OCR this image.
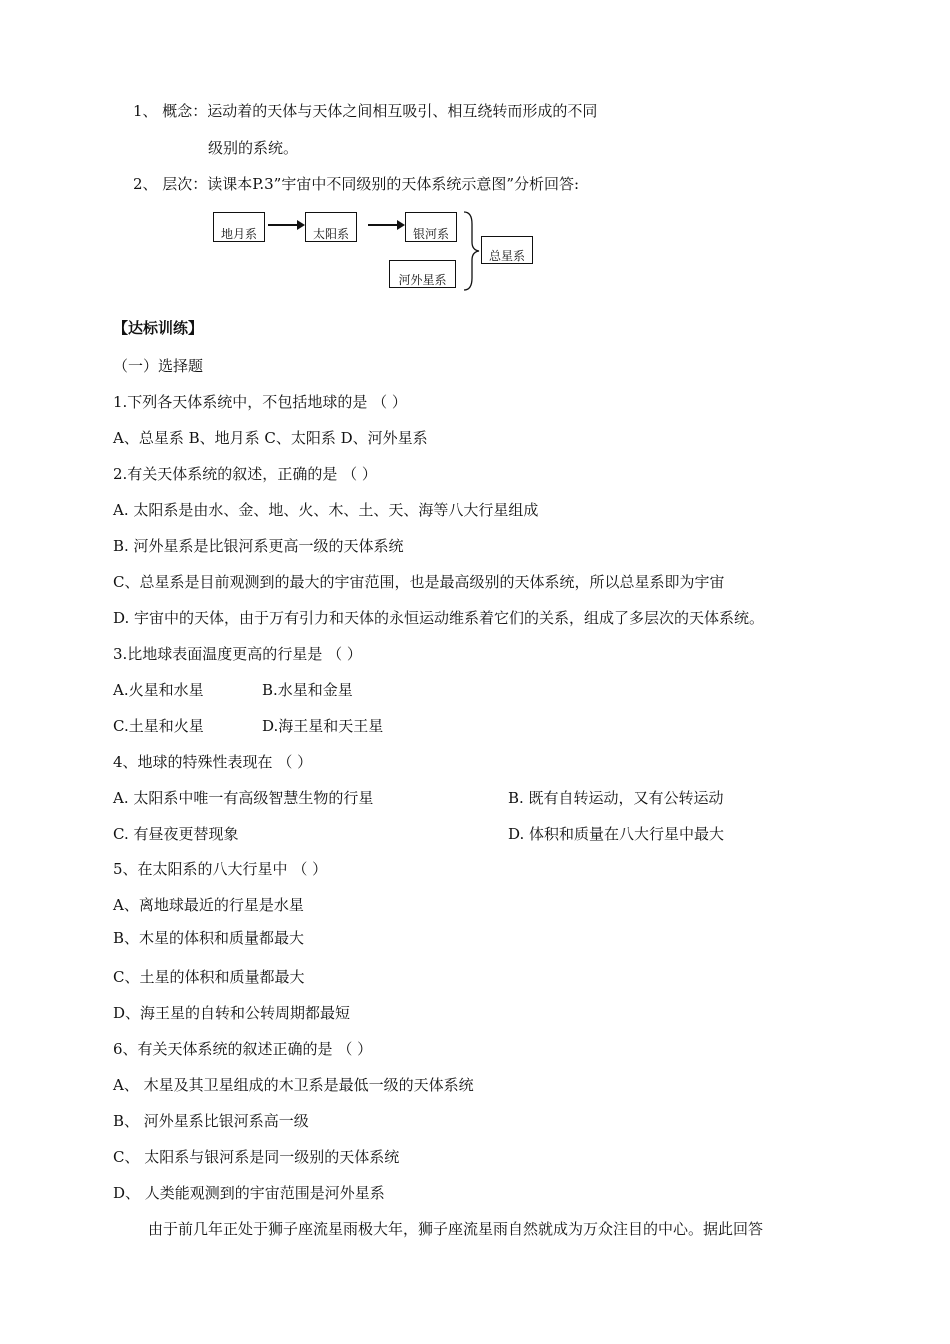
1、 概念：运动着的天体与天体之间相互吸引、相互绕转而形成的不同
级别的系统。
2、 层次：读课本P.3”宇宙中不同级别的天体系统示意图”分析回答:
地月系	太阳系	银河系
河外星系
总星系
【达标训练】
（一）选择题
1.下列各天体系统中，不包括地球的是 （ ）
A、总星系 B、地月系 C、太阳系 D、河外星系
2.有关天体系统的叙述，正确的是 （ ）
A. 太阳系是由水、金、地、火、木、土、天、海等八大行星组成
B. 河外星系是比银河系更高一级的天体系统
C、总星系是目前观测到的最大的宇宙范围，也是最高级别的天体系统，所以总星系即为宇宙
D. 宇宙中的天体，由于万有引力和天体的永恒运动维系着它们的关系，组成了多层次的天体系统。
3.比地球表面温度更高的行星是 （ ）
A.火星和水星	B.水星和金星
C.土星和火星	D.海王星和天王星
4、地球的特殊性表现在 （ ）
A. 太阳系中唯一有高级智慧生物的行星	B. 既有自转运动，又有公转运动
C. 有昼夜更替现象	D. 体积和质量在八大行星中最大
5、在太阳系的八大行星中 （ ）
A、离地球最近的行星是水星
B、木星的体积和质量都最大
C、土星的体积和质量都最大
D、海王星的自转和公转周期都最短
6、有关天体系统的叙述正确的是 （ ）
A、 木星及其卫星组成的木卫系是最低一级的天体系统
B、 河外星系比银河系高一级
C、 太阳系与银河系是同一级别的天体系统
D、 人类能观测到的宇宙范围是河外星系
由于前几年正处于狮子座流星雨极大年，狮子座流星雨自然就成为万众注目的中心。据此回答
